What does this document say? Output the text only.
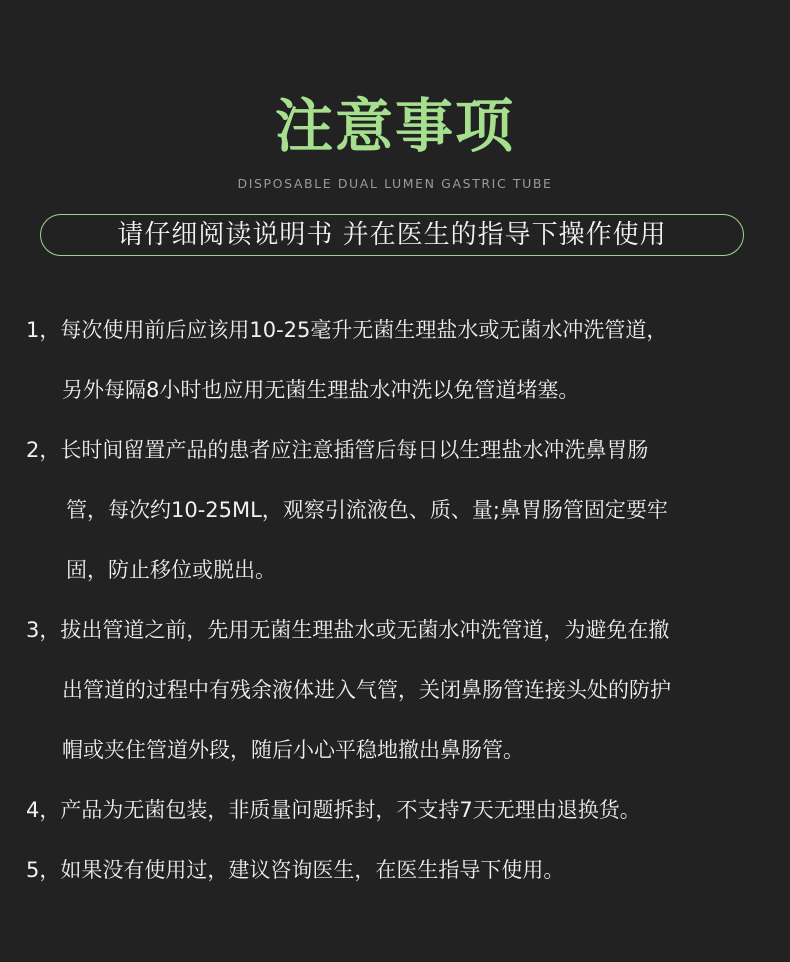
注意事项
DISPOSABLE DUAL LUMEN GASTRIC TUBE
请仔细阅读说明书 并在医生的指导下操作使用
1，每次使用前后应该用10-25毫升无菌生理盐水或无菌水冲洗管道，
另外每隔8小时也应用无菌生理盐水冲洗以免管道堵塞。
2，长时间留置产品的患者应注意插管后每日以生理盐水冲洗鼻胃肠
管，每次约10-25ML，观察引流液色、质、量;鼻胃肠管固定要牢
固，防止移位或脱出。
3，拔出管道之前，先用无菌生理盐水或无菌水冲洗管道，为避免在撤
出管道的过程中有残余液体进入气管，关闭鼻肠管连接头处的防护
帽或夹住管道外段，随后小心平稳地撤出鼻肠管。
4，产品为无菌包装，非质量问题拆封，不支持7天无理由退换货。
5，如果没有使用过，建议咨询医生，在医生指导下使用。
